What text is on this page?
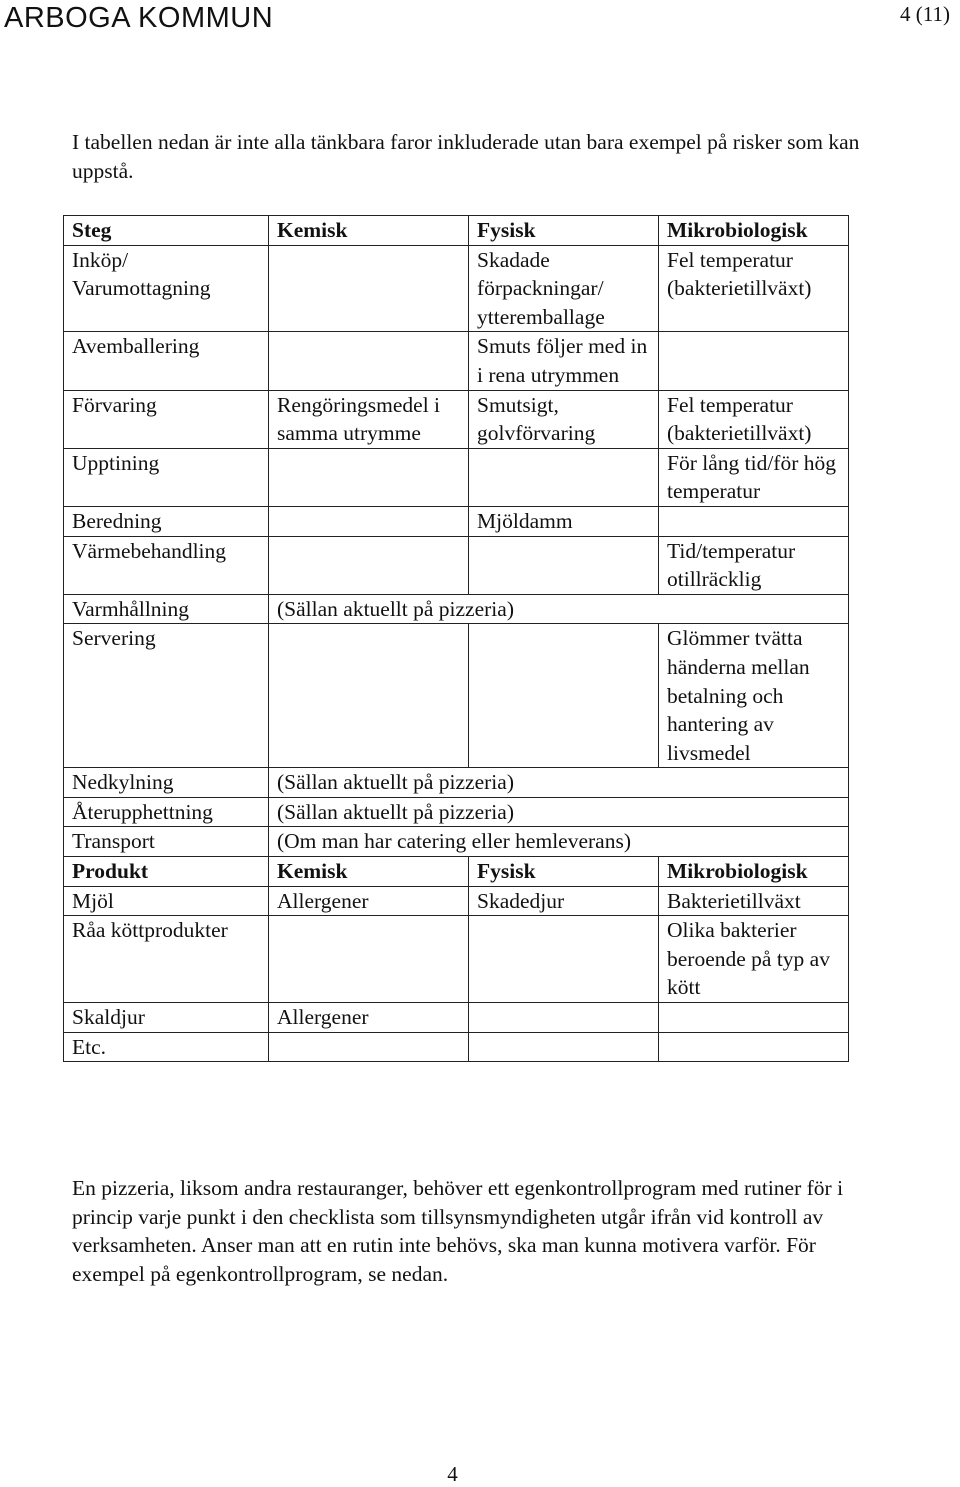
ARBOGA KOMMUN	4 (11)

I tabellen nedan är inte alla tänkbara faror inkluderade utan bara exempel på risker som kan uppstå.

Steg	Kemisk	Fysisk	Mikrobiologisk
Inköp/ Varumottagning		Skadade förpackningar/ ytteremballage	Fel temperatur (bakterietillväxt)
Avemballering		Smuts följer med in i rena utrymmen	
Förvaring	Rengöringsmedel i samma utrymme	Smutsigt, golvförvaring	Fel temperatur (bakterietillväxt)
Upptining			För lång tid/för hög temperatur
Beredning		Mjöldamm	
Värmebehandling			Tid/temperatur otillräcklig
Varmhållning	(Sällan aktuellt på pizzeria)		
Servering			Glömmer tvätta händerna mellan betalning och hantering av livsmedel
Nedkylning	(Sällan aktuellt på pizzeria)		
Återupphettning	(Sällan aktuellt på pizzeria)		
Transport	(Om man har catering eller hemleverans)		
Produkt	Kemisk	Fysisk	Mikrobiologisk
Mjöl	Allergener	Skadedjur	Bakterietillväxt
Råa köttprodukter			Olika bakterier beroende på typ av kött
Skaldjur	Allergener		
Etc.			

En pizzeria, liksom andra restauranger, behöver ett egenkontrollprogram med rutiner för i princip varje punkt i den checklista som tillsynsmyndigheten utgår ifrån vid kontroll av verksamheten. Anser man att en rutin inte behövs, ska man kunna motivera varför. För exempel på egenkontrollprogram, se nedan.

4
